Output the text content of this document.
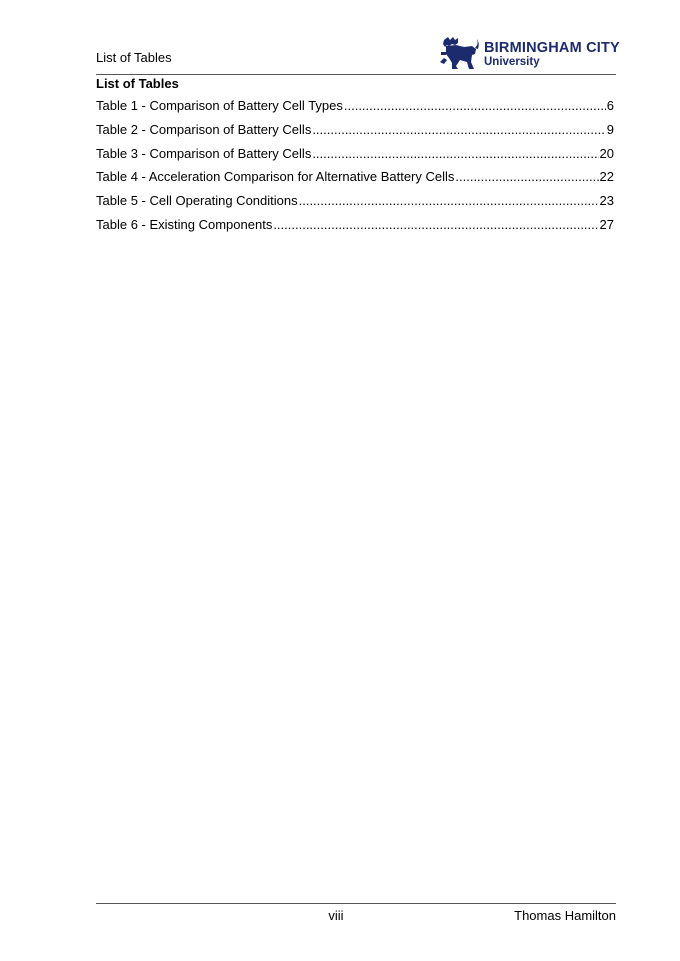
List of Tables
BIRMINGHAM CITY
University
List of Tables
Table 1 - Comparison of Battery Cell Types .....	6
Table 2 - Comparison of Battery Cells .....	9
Table 3 - Comparison of Battery Cells .....	20
Table 4 - Acceleration Comparison for Alternative Battery Cells .....	22
Table 5 - Cell Operating Conditions .....	23
Table 6 - Existing Components .....	27
viii	Thomas Hamilton
